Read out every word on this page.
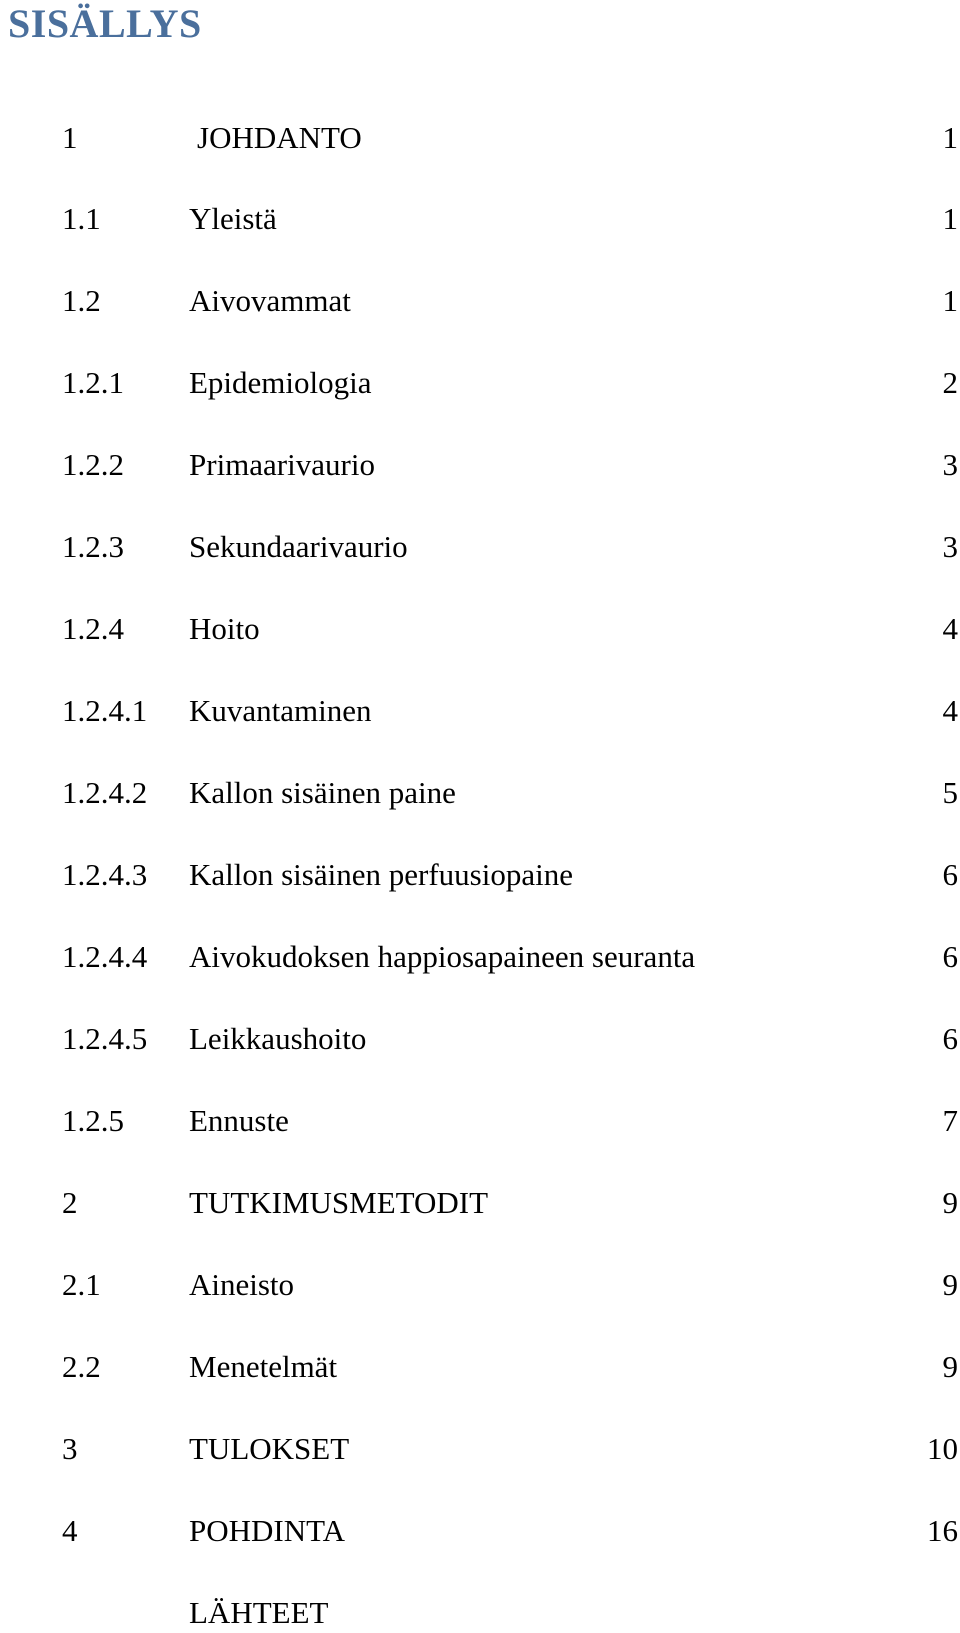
SISÄLLYS
1	JOHDANTO	1
1.1	Yleistä	1
1.2	Aivovammat	1
1.2.1 Epidemiologia	2
1.2.2 Primaarivaurio	3
1.2.3 Sekundaarivaurio	3
1.2.4 Hoito	4
1.2.4.1 Kuvantaminen	4
1.2.4.2 Kallon sisäinen paine	5
1.2.4.3 Kallon sisäinen perfuusiopaine	6
1.2.4.4 Aivokudoksen happiosapaineen seuranta	6
1.2.4.5 Leikkaushoito	6
1.2.5 Ennuste	7
2	TUTKIMUSMETODIT	9
2.1	Aineisto	9
2.2	Menetelmät	9
3	TULOKSET	10
4	POHDINTA	16
LÄHTEET
